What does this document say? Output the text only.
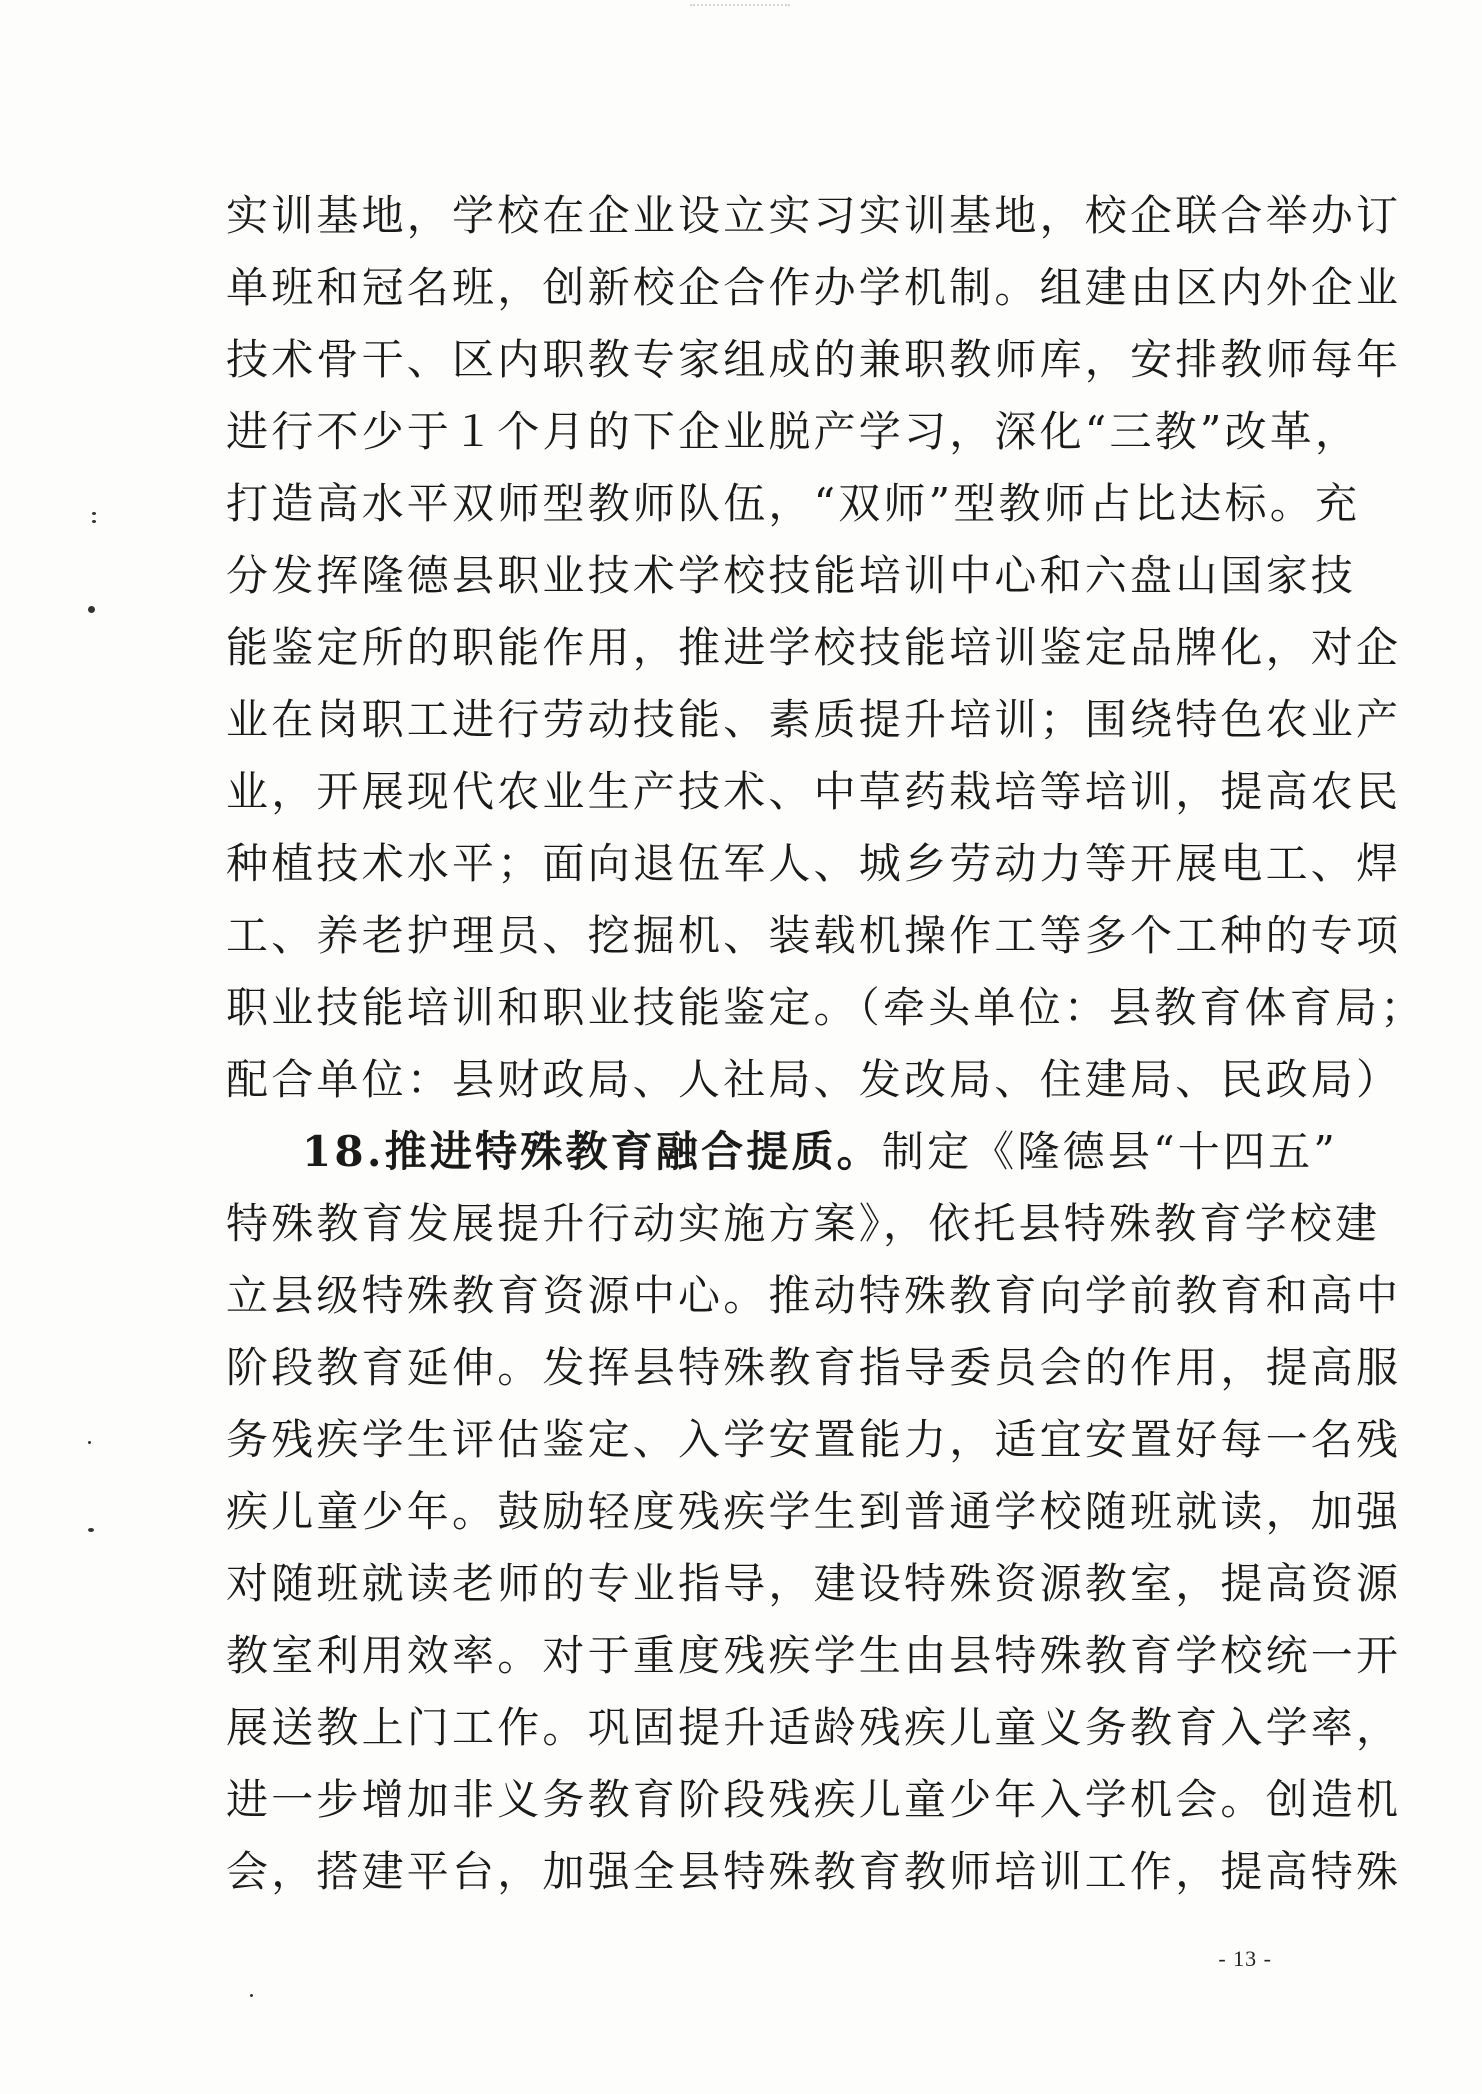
实训基地，学校在企业设立实习实训基地，校企联合举办订
单班和冠名班，创新校企合作办学机制。组建由区内外企业
技术骨干、区内职教专家组成的兼职教师库，安排教师每年
进行不少于１个月的下企业脱产学习，深化“三教”改革，
打造高水平双师型教师队伍，“双师”型教师占比达标。充
分发挥隆德县职业技术学校技能培训中心和六盘山国家技
能鉴定所的职能作用，推进学校技能培训鉴定品牌化，对企
业在岗职工进行劳动技能、素质提升培训；围绕特色农业产
业，开展现代农业生产技术、中草药栽培等培训，提高农民
种植技术水平；面向退伍军人、城乡劳动力等开展电工、焊
工、养老护理员、挖掘机、装载机操作工等多个工种的专项
职业技能培训和职业技能鉴定。（牵头单位：县教育体育局；
配合单位：县财政局、人社局、发改局、住建局、民政局）
18.推进特殊教育融合提质。制定《隆德县“十四五”
特殊教育发展提升行动实施方案》，依托县特殊教育学校建
立县级特殊教育资源中心。推动特殊教育向学前教育和高中
阶段教育延伸。发挥县特殊教育指导委员会的作用，提高服
务残疾学生评估鉴定、入学安置能力，适宜安置好每一名残
疾儿童少年。鼓励轻度残疾学生到普通学校随班就读，加强
对随班就读老师的专业指导，建设特殊资源教室，提高资源
教室利用效率。对于重度残疾学生由县特殊教育学校统一开
展送教上门工作。巩固提升适龄残疾儿童义务教育入学率，
进一步增加非义务教育阶段残疾儿童少年入学机会。创造机
会，搭建平台，加强全县特殊教育教师培训工作，提高特殊
- 13 -
